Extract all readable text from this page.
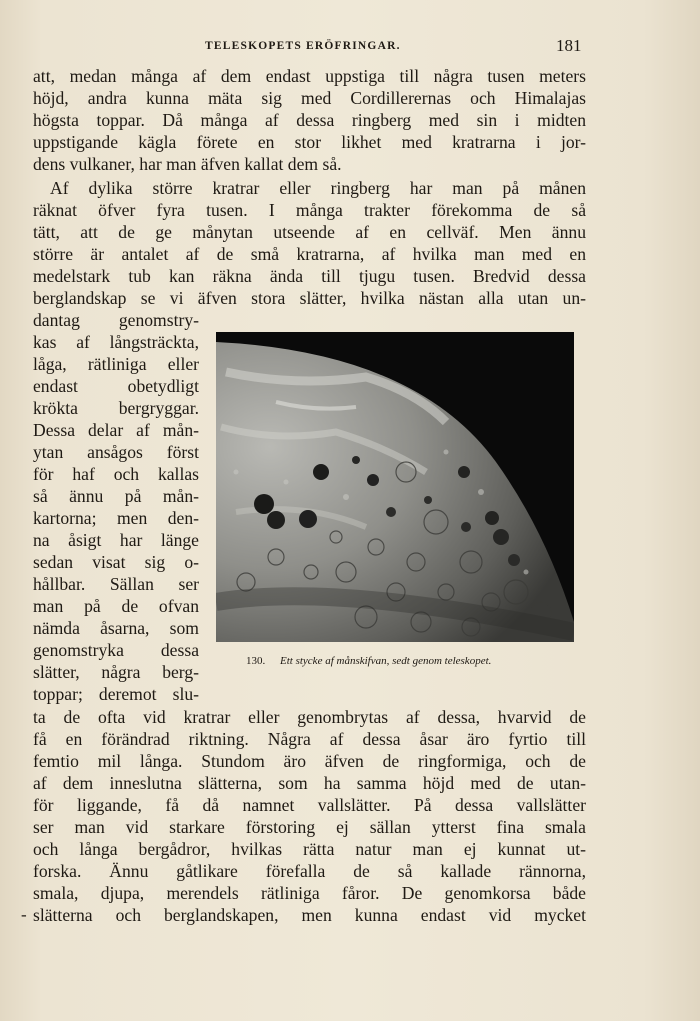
TELESKOPETS ERÖFRINGAR.	181
att, medan många af dem endast uppstiga till några tusen meters
höjd, andra kunna mäta sig med Cordillerernas och Himalajas
högsta toppar. Då många af dessa ringberg med sin i midten
uppstigande kägla förete en stor likhet med kratrarna i jor-
dens vulkaner, har man äfven kallat dem så.
Af dylika större kratrar eller ringberg har man på månen
räknat öfver fyra tusen. I många trakter förekomma de så
tätt, att de ge månytan utseende af en cellväf. Men ännu
större är antalet af de små kratrarna, af hvilka man med en
medelstark tub kan räkna ända till tjugu tusen. Bredvid dessa
berglandskap se vi äfven stora slätter, hvilka nästan alla utan un-
dantag genomstry-
kas af långsträckta,
låga, rätliniga eller
endast obetydligt
krökta bergryggar.
Dessa delar af mån-
ytan ansågos först
för haf och kallas
så ännu på mån-
kartorna; men den-
na åsigt har länge
sedan visat sig o-
hållbar. Sällan ser
man på de ofvan
nämda åsarna, som
genomstryka dessa
slätter, några berg-
toppar; deremot slu-
130. Ett stycke af månskifvan, sedt genom teleskopet.
ta de ofta vid kratrar eller genombrytas af dessa, hvarvid de
få en förändrad riktning. Några af dessa åsar äro fyrtio till
femtio mil långa. Stundom äro äfven de ringformiga, och de
af dem inneslutna slätterna, som ha samma höjd med de utan-
för liggande, få då namnet vallslätter. På dessa vallslätter
ser man vid starkare förstoring ej sällan ytterst fina smala
och långa bergådror, hvilkas rätta natur man ej kunnat ut-
forska. Ännu gåtlikare förefalla de så kallade rännorna,
smala, djupa, merendels rätliniga fåror. De genomkorsa både
slätterna och berglandskapen, men kunna endast vid mycket
-
